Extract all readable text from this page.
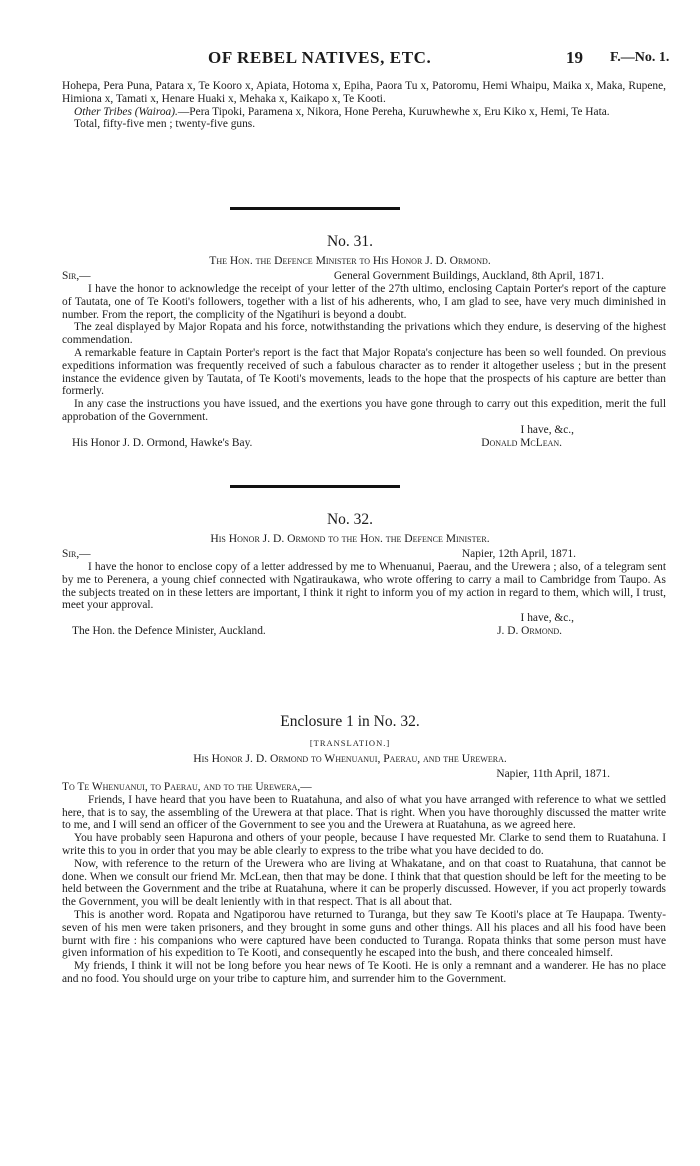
OF REBEL NATIVES, ETC.	19 F.—No. 1.

Hohepa, Pera Puna, Patara x, Te Kooro x, Apiata, Hotoma x, Epiha, Paora Tu x, Patoromu, Hemi Whaipu, Maika x, Maka, Rupene, Himiona x, Tamati x, Henare Huaki x, Mehaka x, Kaikapo x, Te Kooti.

Other Tribes (Wairoa).—Pera Tipoki, Paramena x, Nikora, Hone Pereha, Kuruwhewhe x, Eru Kiko x, Hemi, Te Hata.

Total, fifty-five men ; twenty-five guns.

No. 31.
The Hon. the Defence Minister to His Honor J. D. Ormond.
Sir,—	General Government Buildings, Auckland, 8th April, 1871.

I have the honor to acknowledge the receipt of your letter of the 27th ultimo, enclosing Captain Porter's report of the capture of Tautata, one of Te Kooti's followers, together with a list of his adherents, who, I am glad to see, have very much diminished in number. From the report, the complicity of the Ngatihuri is beyond a doubt.

The zeal displayed by Major Ropata and his force, notwithstanding the privations which they endure, is deserving of the highest commendation.

A remarkable feature in Captain Porter's report is the fact that Major Ropata's conjecture has been so well founded. On previous expeditions information was frequently received of such a fabulous character as to render it altogether useless ; but in the present instance the evidence given by Tautata, of Te Kooti's movements, leads to the hope that the prospects of his capture are better than formerly.

In any case the instructions you have issued, and the exertions you have gone through to carry out this expedition, merit the full approbation of the Government.

I have, &c.,
His Honor J. D. Ormond, Hawke's Bay.	Donald McLean.
No. 32.
His Honor J. D. Ormond to the Hon. the Defence Minister.
Sir,—	Napier, 12th April, 1871.

I have the honor to enclose copy of a letter addressed by me to Whenuanui, Paerau, and the Urewera ; also, of a telegram sent by me to Perenera, a young chief connected with Ngatiraukawa, who wrote offering to carry a mail to Cambridge from Taupo. As the subjects treated on in these letters are important, I think it right to inform you of my action in regard to them, which will, I trust, meet your approval.

I have, &c.,
The Hon. the Defence Minister, Auckland.	J. D. Ormond.
Enclosure 1 in No. 32.
[TRANSLATION.]
His Honor J. D. Ormond to Whenuanui, Paerau, and the Urewera.
Napier, 11th April, 1871.

To Te Whenuanui, to Paerau, and to the Urewera,—

Friends, I have heard that you have been to Ruatahuna, and also of what you have arranged with reference to what we settled here, that is to say, the assembling of the Urewera at that place. That is right. When you have thoroughly discussed the matter write to me, and I will send an officer of the Government to see you and the Urewera at Ruatahuna, as we agreed here.

You have probably seen Hapurona and others of your people, because I have requested Mr. Clarke to send them to Ruatahuna. I write this to you in order that you may be able clearly to express to the tribe what you have decided to do.

Now, with reference to the return of the Urewera who are living at Whakatane, and on that coast to Ruatahuna, that cannot be done. When we consult our friend Mr. McLean, then that may be done. I think that that question should be left for the meeting to be held between the Government and the tribe at Ruatahuna, where it can be properly discussed. However, if you act properly towards the Government, you will be dealt leniently with in that respect. That is all about that.

This is another word. Ropata and Ngatiporou have returned to Turanga, but they saw Te Kooti's place at Te Haupapa. Twenty-seven of his men were taken prisoners, and they brought in some guns and other things. All his places and all his food have been burnt with fire : his companions who were captured have been conducted to Turanga. Ropata thinks that some person must have given information of his expedition to Te Kooti, and consequently he escaped into the bush, and there concealed himself.

My friends, I think it will not be long before you hear news of Te Kooti. He is only a remnant and a wanderer. He has no place and no food. You should urge on your tribe to capture him, and surrender him to the Government.
